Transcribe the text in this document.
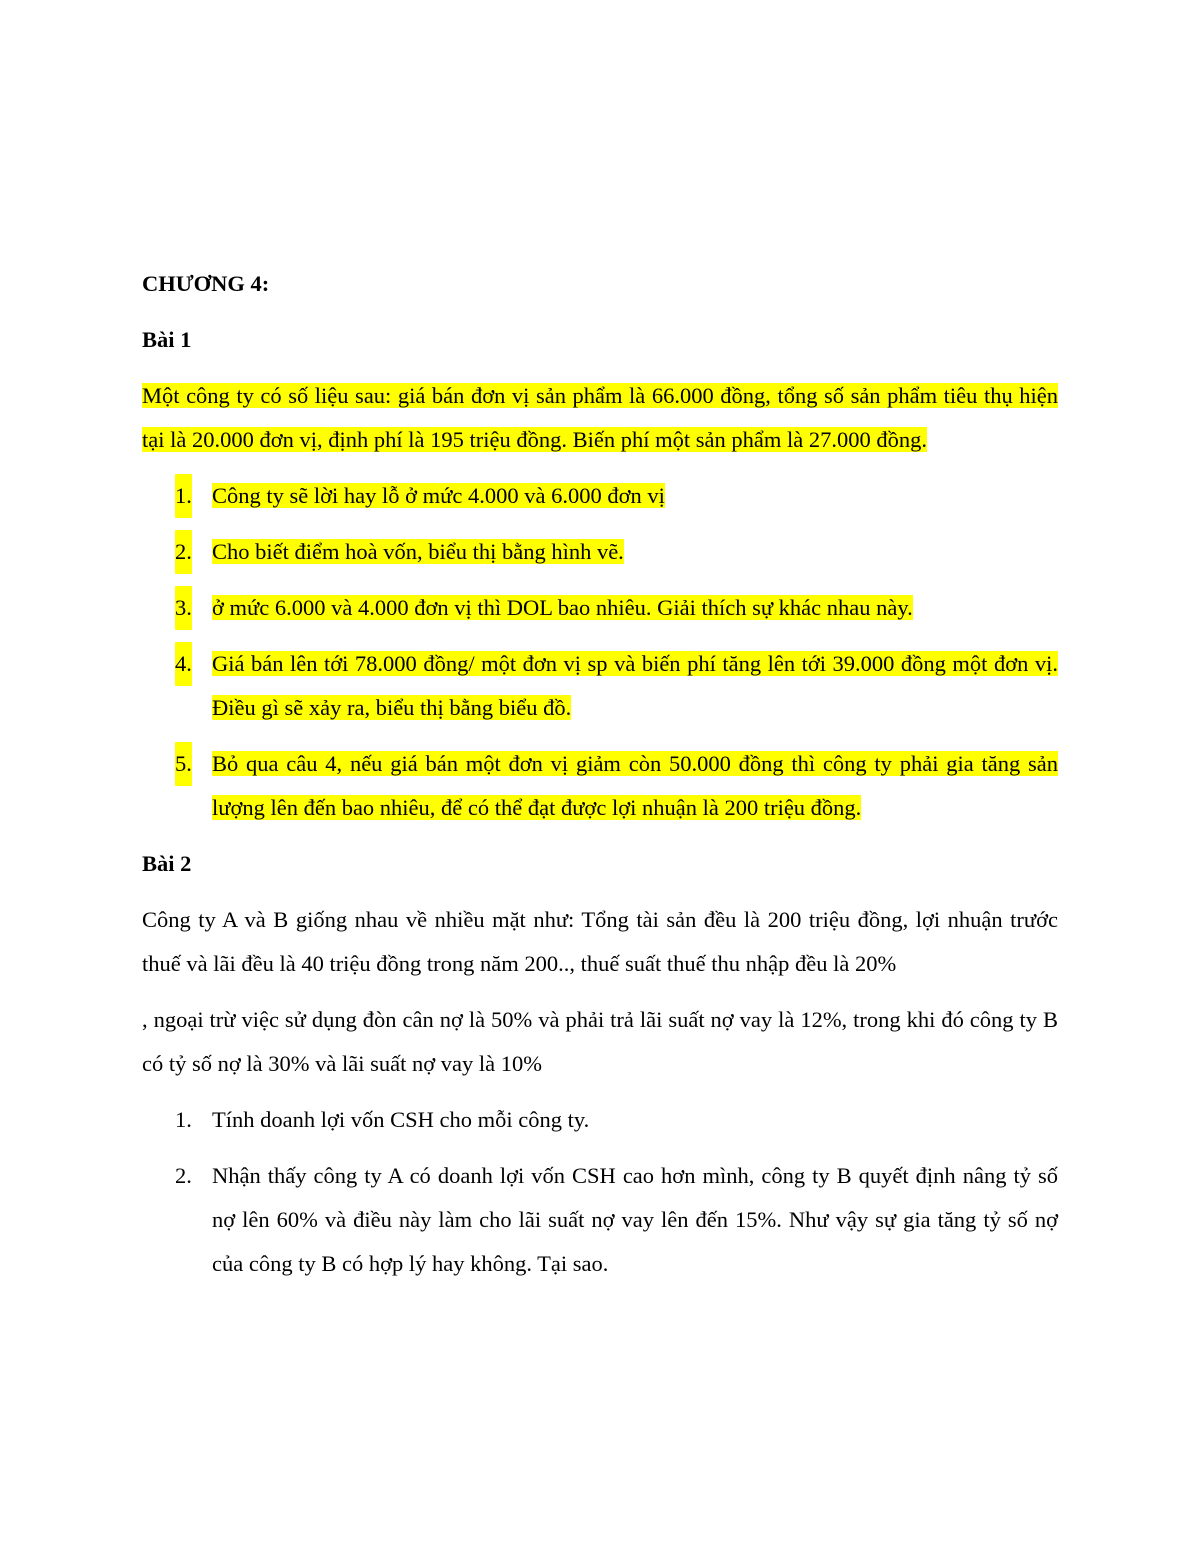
CHƯƠNG 4:

Bài 1

Một công ty có số liệu sau: giá bán đơn vị sản phẩm là 66.000 đồng, tổng số sản phẩm tiêu thụ hiện tại là 20.000 đơn vị, định phí là 195 triệu đồng. Biến phí một sản phẩm là 27.000 đồng.

1. Công ty sẽ lời hay lỗ ở mức 4.000 và 6.000 đơn vị
2. Cho biết điểm hoà vốn, biểu thị bằng hình vẽ.
3. ở mức 6.000 và 4.000 đơn vị thì DOL bao nhiêu. Giải thích sự khác nhau này.
4. Giá bán lên tới 78.000 đồng/ một đơn vị sp và biến phí tăng lên tới 39.000 đồng một đơn vị. Điều gì sẽ xảy ra, biểu thị bằng biểu đồ.
5. Bỏ qua câu 4, nếu giá bán một đơn vị giảm còn 50.000 đồng thì công ty phải gia tăng sản lượng lên đến bao nhiêu, để có thể đạt được lợi nhuận là 200 triệu đồng.

Bài 2

Công ty A và B giống nhau về nhiều mặt như: Tổng tài sản đều là 200 triệu đồng, lợi nhuận trước thuế và lãi đều là 40 triệu đồng trong năm 200.., thuế suất thuế thu nhập đều là 20%

, ngoại trừ việc sử dụng đòn cân nợ là 50% và phải trả lãi suất nợ vay là 12%, trong khi đó công ty B có tỷ số nợ là 30% và lãi suất nợ vay là 10%

1. Tính doanh lợi vốn CSH cho mỗi công ty.
2. Nhận thấy công ty A có doanh lợi vốn CSH cao hơn mình, công ty B quyết định nâng tỷ số nợ lên 60% và điều này làm cho lãi suất nợ vay lên đến 15%. Như vậy sự gia tăng tỷ số nợ của công ty B có hợp lý hay không. Tại sao.
